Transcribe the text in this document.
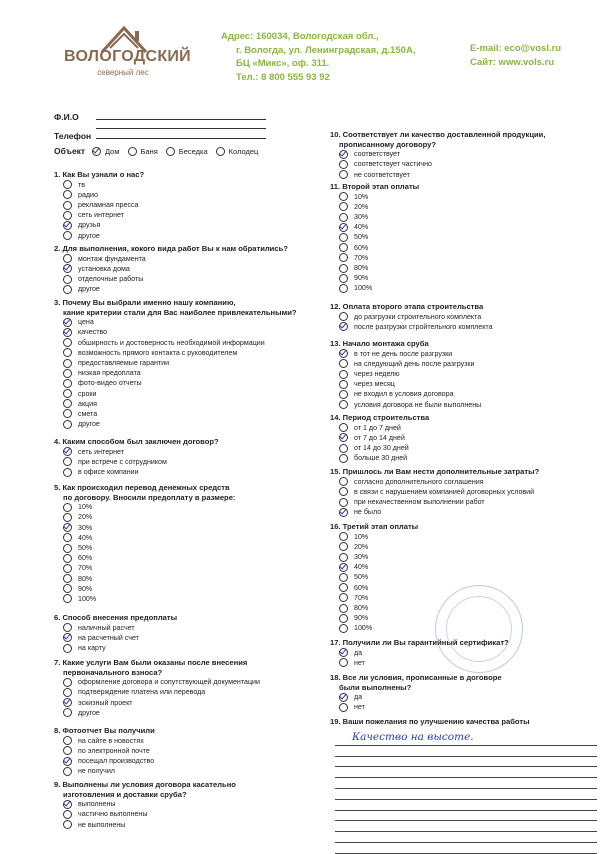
ВОЛОГОДСКИЙ
северный лес
Адрес: 160034, Вологодская обл.,
г. Вологда, ул. Ленинградская, д.150А,
БЦ «Микс», оф. 311.
Тел.: 8 800 555 93 92
E-mail: eco@vosl.ru
Сайт: www.vols.ru
Ф.И.О
Телефон
Объект	Дом	Баня	Беседка	Колодец
1. Как Вы узнали о нас?
тв
радио
рекламная пресса
сеть интернет
друзья
другое
2. Для выполнения, кокого вида работ Вы к нам обратились?
монтаж фундамента
установка дома
отделочные работы
другое
3. Почему Вы выбрали именно нашу компанию,
кание критерии стали для Вас наиболее привлекательными?
цена
качество
обширность и достоверность необходимой информации
возможность прямого контакта с руководителем
предоставляемые гарантии
низкая предоплата
фото-видео отчеты
сроки
акция
смета
другое
4. Каким способом был заключен договор?
сеть интернет
при встрече с сотрудником
в офисе компании
5. Как происходил перевод денежных средств
по договору. Вносили предоплату в размере:
10%
20%
30%
40%
50%
60%
70%
80%
90%
100%
6. Способ внесения предоплаты
наличный расчет
на расчетный счет
на карту
7. Какие услуги Вам были оказаны после внесения
первоначального взноса?
оформление договора и сопутствующей документации
подтверждение платена или перевода
эскизный проект
другое
8. Фотоотчет Вы получили
на сайте в новостях
по электронной почте
посещал производство
не получил
9. Выполнены ли условия договора касательно
изготовления и доставки сруба?
выполнены
частично выполнены
не выполнены
10. Соответствует ли качество доставленной продукции,
прописанному договору?
соответствует
соответствует частично
не соответствует
11. Второй этап оплаты
10%
20%
30%
40%
50%
60%
70%
80%
90%
100%
12. Оплата второго этапа строительства
до разгрузки строительного комплекта
после разгрузки стройтельного комплекта
13. Начало монтажа сруба
в тот не день после разгрузки
на следующий день после разгрузки
через неделю
через месяц
не входил в условия договора
условия договора не были выполнены
14. Период строительства
от 1 до 7 дней
от 7 до 14 дней
от 14 до 30 дней
больше 30 дней
15. Пришлось ли Вам нести дополнительные затраты?
согласно дополнительного соглашения
в связи с нарушением компанией договорных условий
при некачественном выполнении работ
не было
16. Третий этап оплаты
10%
20%
30%
40%
50%
60%
70%
80%
90%
100%
17. Получили ли Вы гарантийный сертификат?
да
нет
18. Все ли условия, прописанные в договоре
были выполнены?
да
нет
19. Ваши пожелания по улучшению качества работы
Качество на высоте.
